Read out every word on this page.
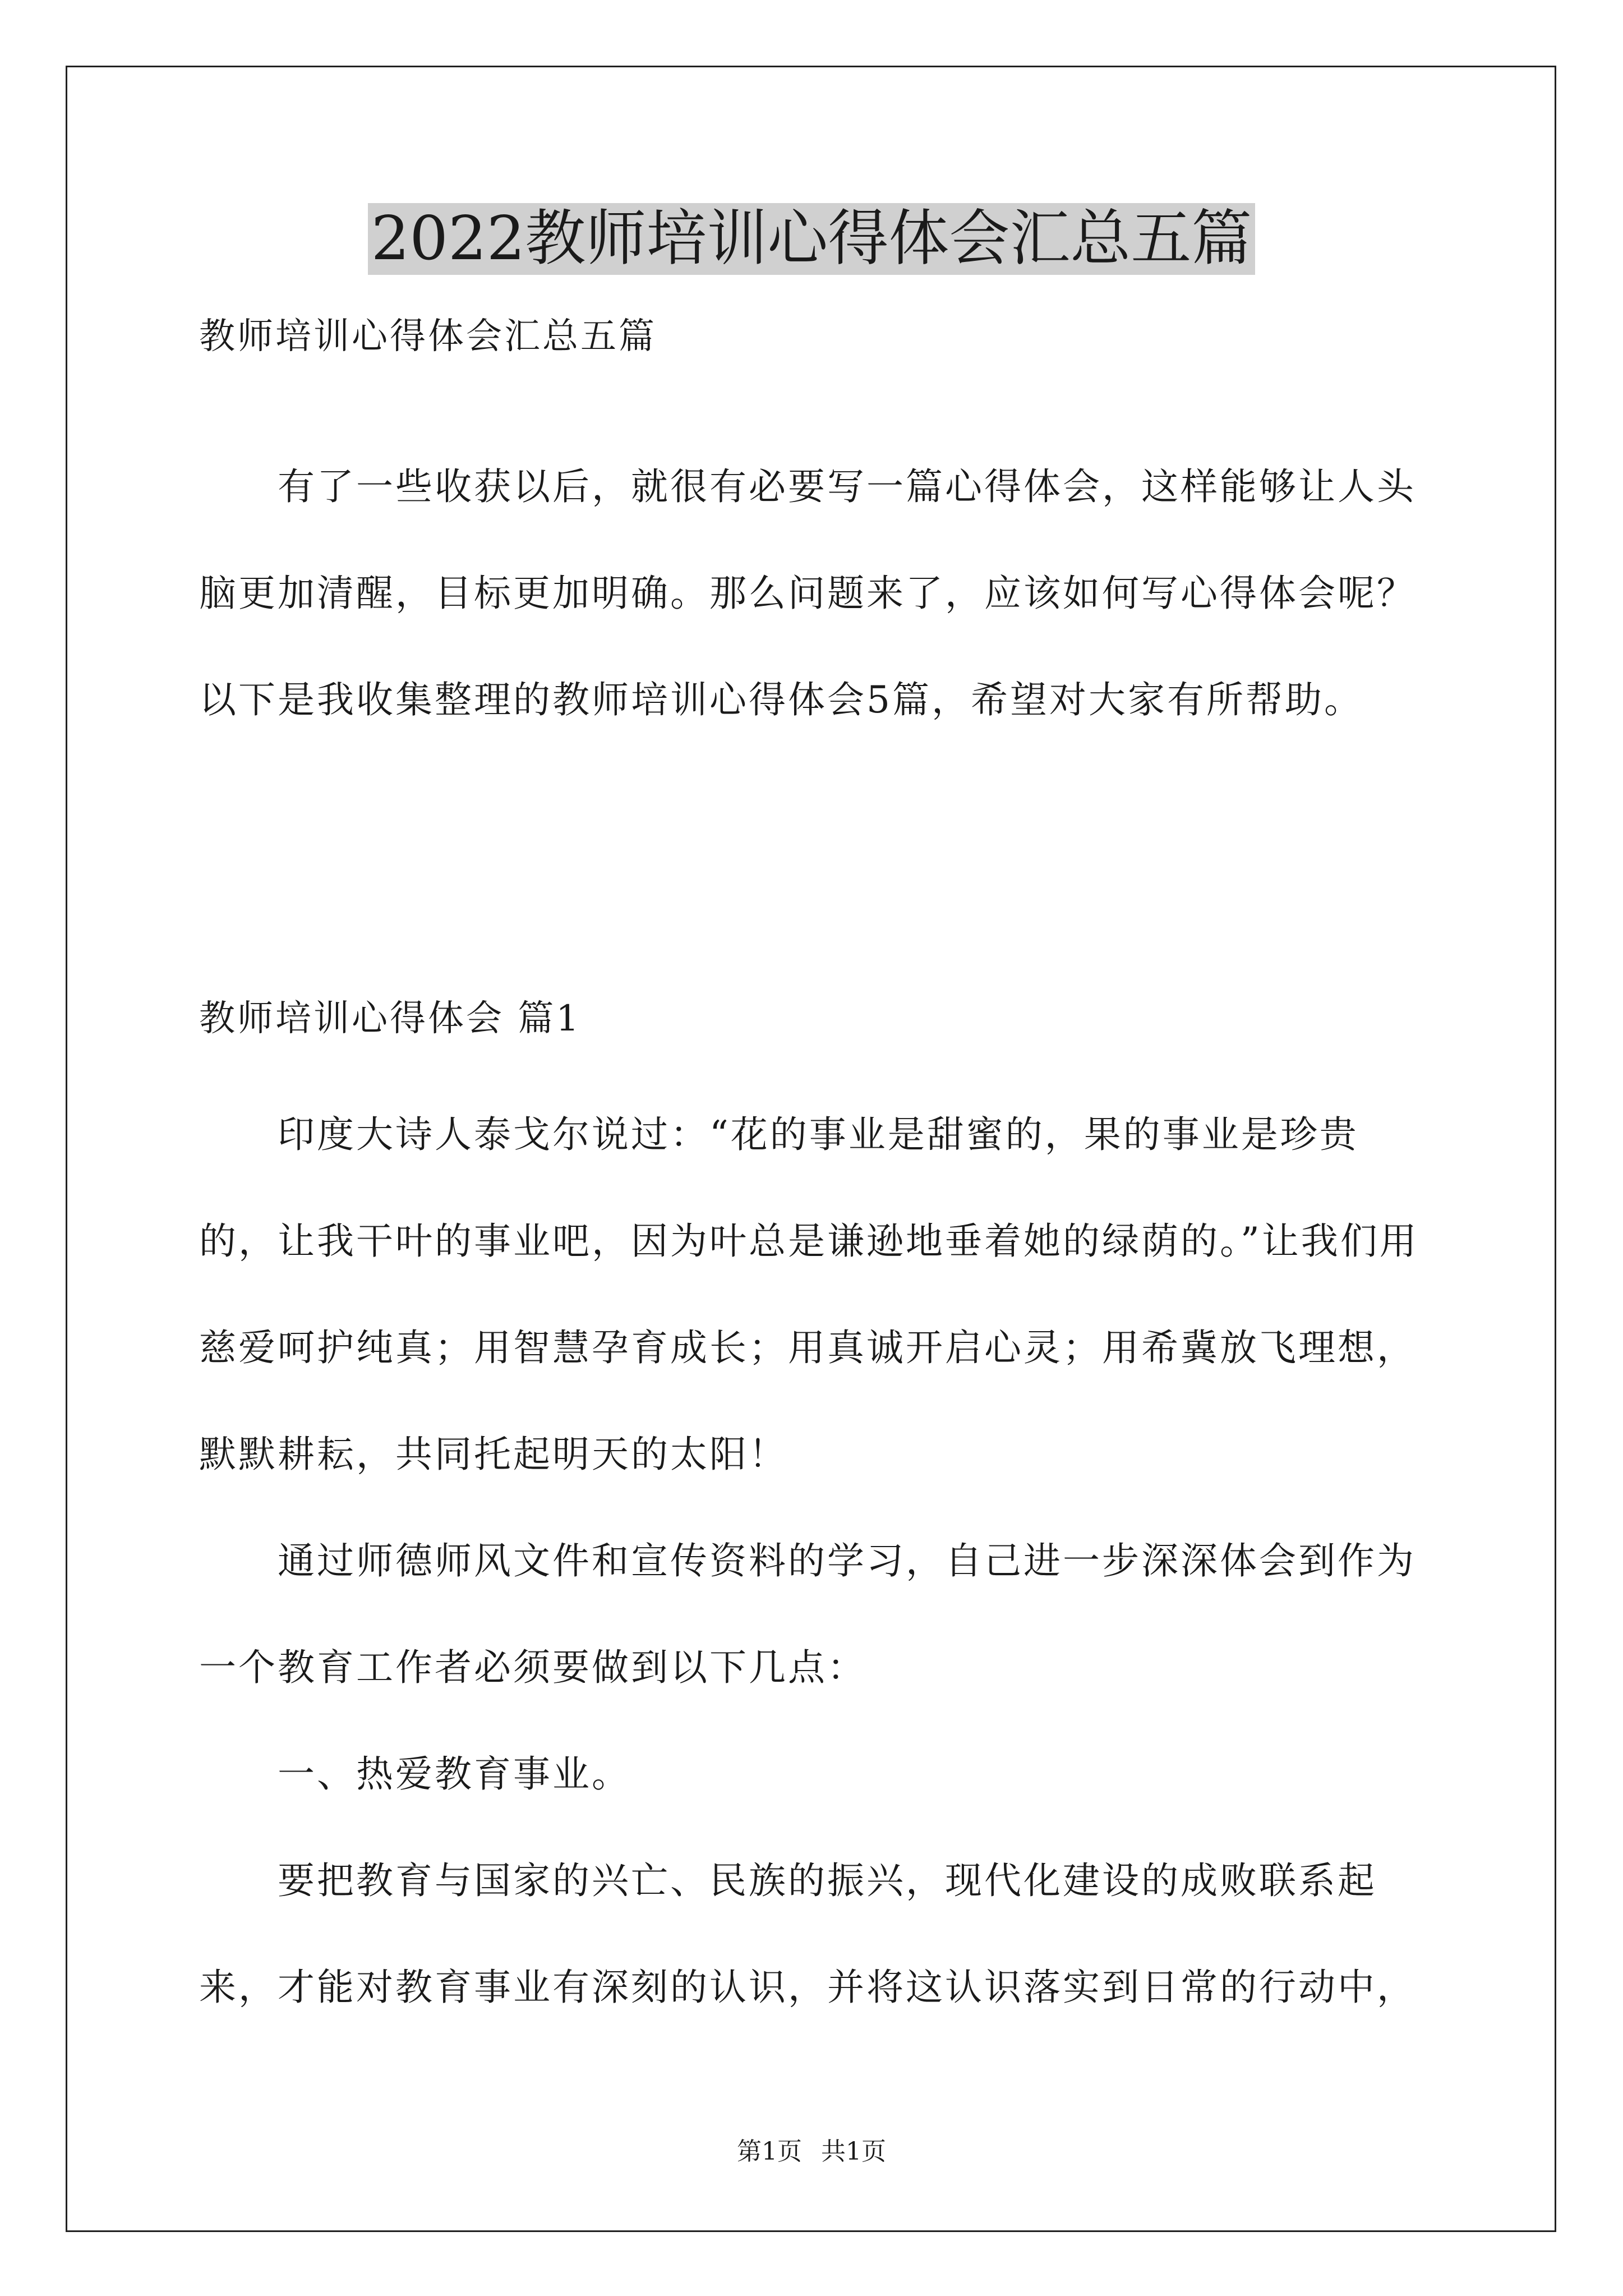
2022教师培训心得体会汇总五篇

教师培训心得体会汇总五篇

　　有了一些收获以后，就很有必要写一篇心得体会，这样能够让人头脑更加清醒，目标更加明确。那么问题来了，应该如何写心得体会呢？以下是我收集整理的教师培训心得体会5篇，希望对大家有所帮助。

教师培训心得体会 篇1

　　印度大诗人泰戈尔说过：“花的事业是甜蜜的，果的事业是珍贵的，让我干叶的事业吧，因为叶总是谦逊地垂着她的绿荫的。”让我们用慈爱呵护纯真；用智慧孕育成长；用真诚开启心灵；用希冀放飞理想，默默耕耘，共同托起明天的太阳！

　　通过师德师风文件和宣传资料的学习，自己进一步深深体会到作为一个教育工作者必须要做到以下几点：

　　一、热爱教育事业。

　　要把教育与国家的兴亡、民族的振兴，现代化建设的成败联系起来，才能对教育事业有深刻的认识，并将这认识落实到日常的行动中，

第1页 共1页
